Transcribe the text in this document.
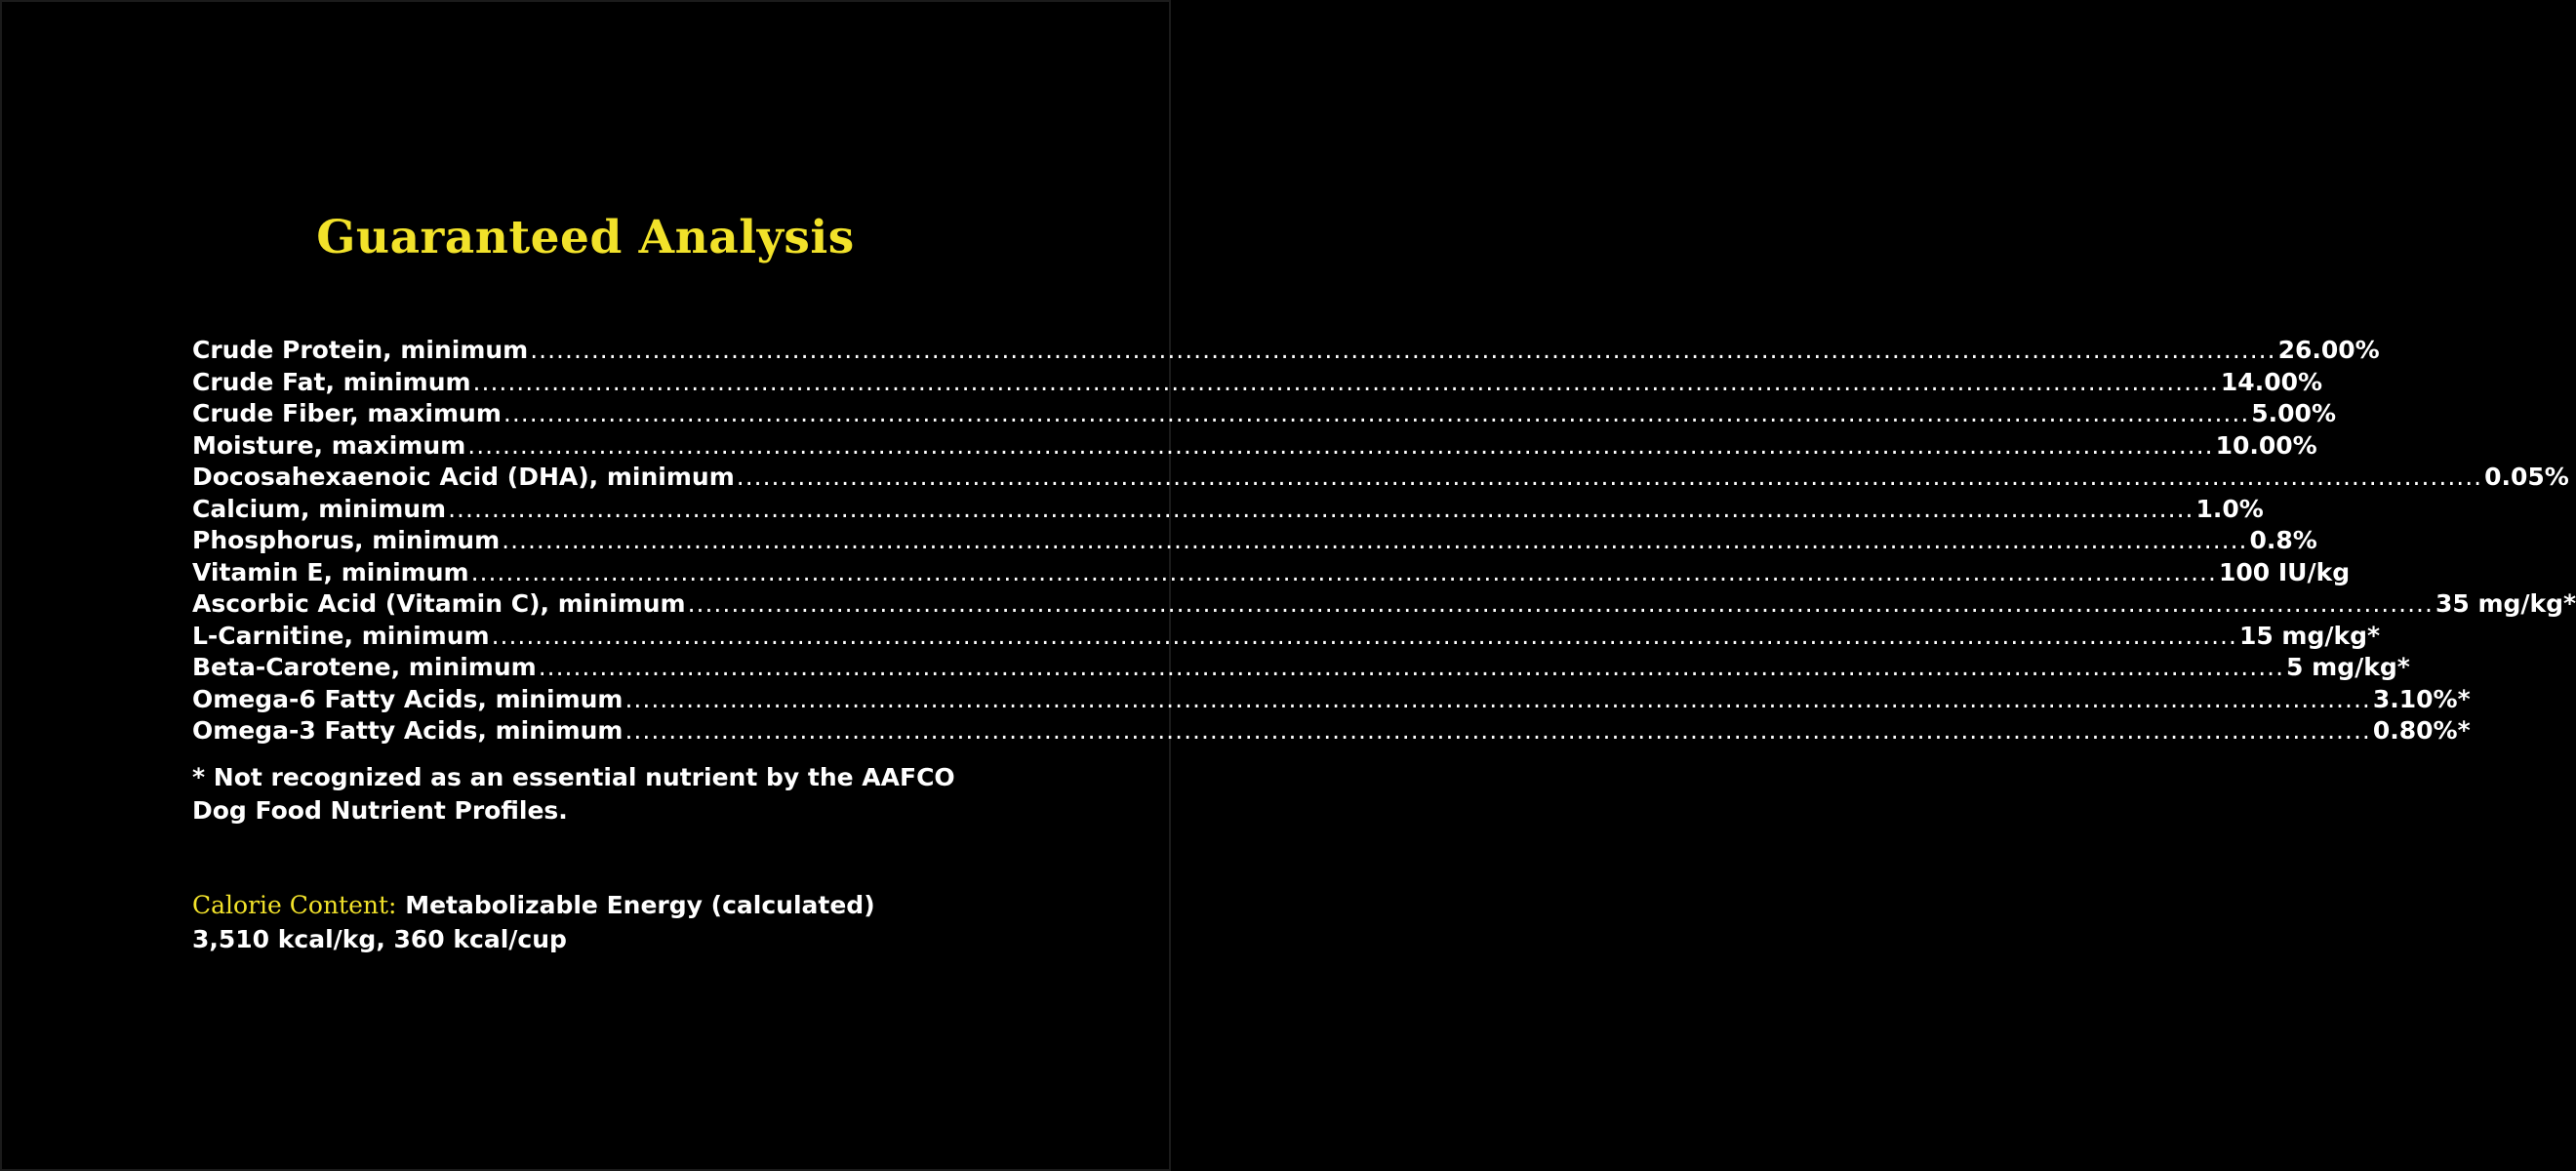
Guaranteed Analysis
Crude Protein, minimum ........................................................................................................................................................................................................ 26.00%
Crude Fat, minimum ........................................................................................................................................................................................................ 14.00%
Crude Fiber, maximum ........................................................................................................................................................................................................ 5.00%
Moisture, maximum ........................................................................................................................................................................................................ 10.00%
Docosahexaenoic Acid (DHA), minimum ........................................................................................................................................................................................................ 0.05%
Calcium, minimum ........................................................................................................................................................................................................ 1.0%
Phosphorus, minimum ........................................................................................................................................................................................................ 0.8%
Vitamin E, minimum ........................................................................................................................................................................................................ 100 IU/kg
Ascorbic Acid (Vitamin C), minimum ........................................................................................................................................................................................................ 35 mg/kg*
L-Carnitine, minimum ........................................................................................................................................................................................................ 15 mg/kg*
Beta-Carotene, minimum ........................................................................................................................................................................................................ 5 mg/kg*
Omega-6 Fatty Acids, minimum ........................................................................................................................................................................................................ 3.10%*
Omega-3 Fatty Acids, minimum ........................................................................................................................................................................................................ 0.80%*
* Not recognized as an essential nutrient by the AAFCO
Dog Food Nutrient Profiles.
Calorie Content: Metabolizable Energy (calculated)
3,510 kcal/kg, 360 kcal/cup
